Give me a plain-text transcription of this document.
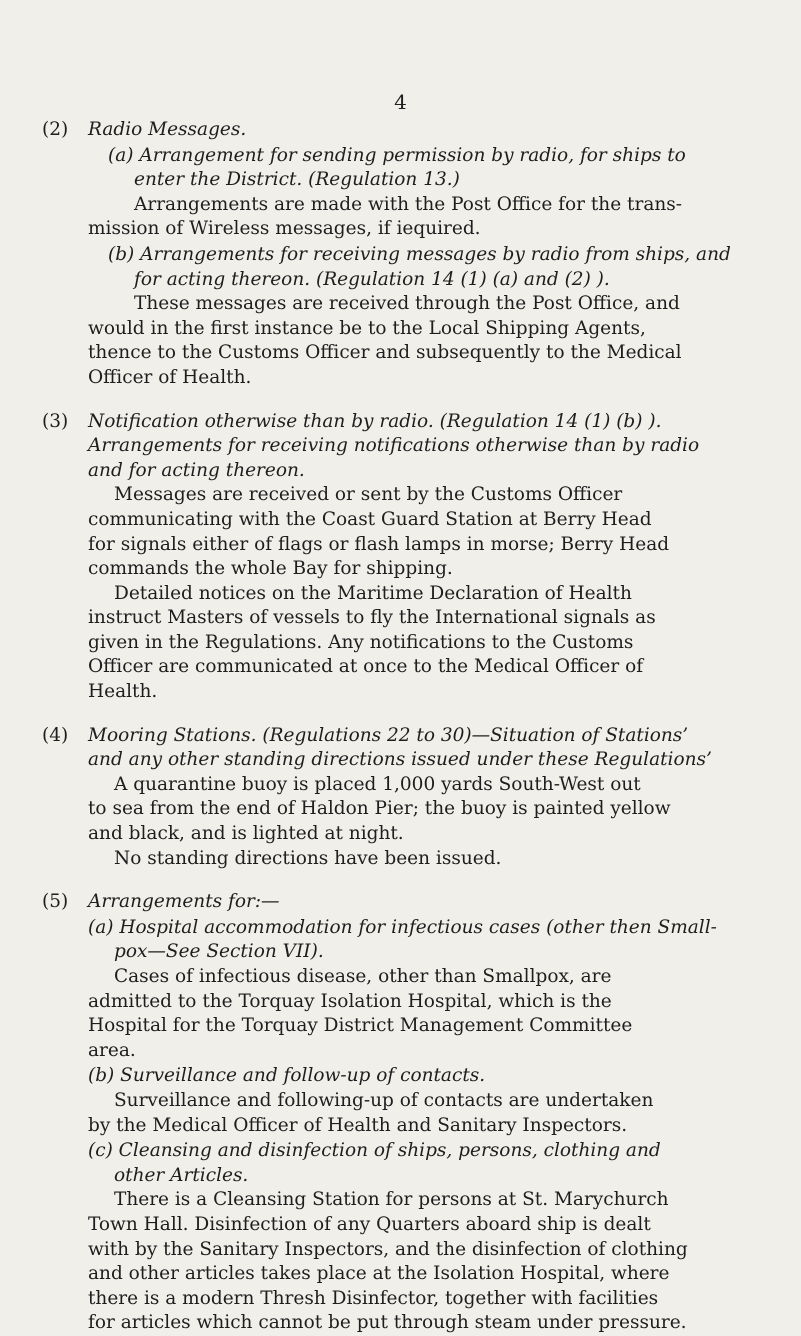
4
(2) Radio Messages.
(a) Arrangement for sending permission by radio, for ships to
enter the District. (Regulation 13.)
Arrangements are made with the Post Office for the trans-
mission of Wireless messages, if iequired.
(b) Arrangements for receiving messages by radio from ships, and
for acting thereon. (Regulation 14 (1) (a) and (2) ).
These messages are received through the Post Office, and
would in the first instance be to the Local Shipping Agents,
thence to the Customs Officer and subsequently to the Medical
Officer of Health.
(3) Notification otherwise than by radio. (Regulation 14 (1) (b) ).
Arrangements for receiving notifications otherwise than by radio
and for acting thereon.
Messages are received or sent by the Customs Officer
communicating with the Coast Guard Station at Berry Head
for signals either of flags or flash lamps in morse; Berry Head
commands the whole Bay for shipping.
Detailed notices on the Maritime Declaration of Health
instruct Masters of vessels to fly the International signals as
given in the Regulations. Any notifications to the Customs
Officer are communicated at once to the Medical Officer of
Health.
(4) Mooring Stations. (Regulations 22 to 30)—Situation of Stations’
and any other standing directions issued under these Regulations’
A quarantine buoy is placed 1,000 yards South-West out
to sea from the end of Haldon Pier; the buoy is painted yellow
and black, and is lighted at night.
No standing directions have been issued.
(5) Arrangements for:—
(a) Hospital accommodation for infectious cases (other then Small-
pox—See Section VII).
Cases of infectious disease, other than Smallpox, are
admitted to the Torquay Isolation Hospital, which is the
Hospital for the Torquay District Management Committee
area.
(b) Surveillance and follow-up of contacts.
Surveillance and following-up of contacts are undertaken
by the Medical Officer of Health and Sanitary Inspectors.
(c) Cleansing and disinfection of ships, persons, clothing and
other Articles.
There is a Cleansing Station for persons at St. Marychurch
Town Hall. Disinfection of any Quarters aboard ship is dealt
with by the Sanitary Inspectors, and the disinfection of clothing
and other articles takes place at the Isolation Hospital, where
there is a modern Thresh Disinfector, together with facilities
for articles which cannot be put through steam under pressure.
